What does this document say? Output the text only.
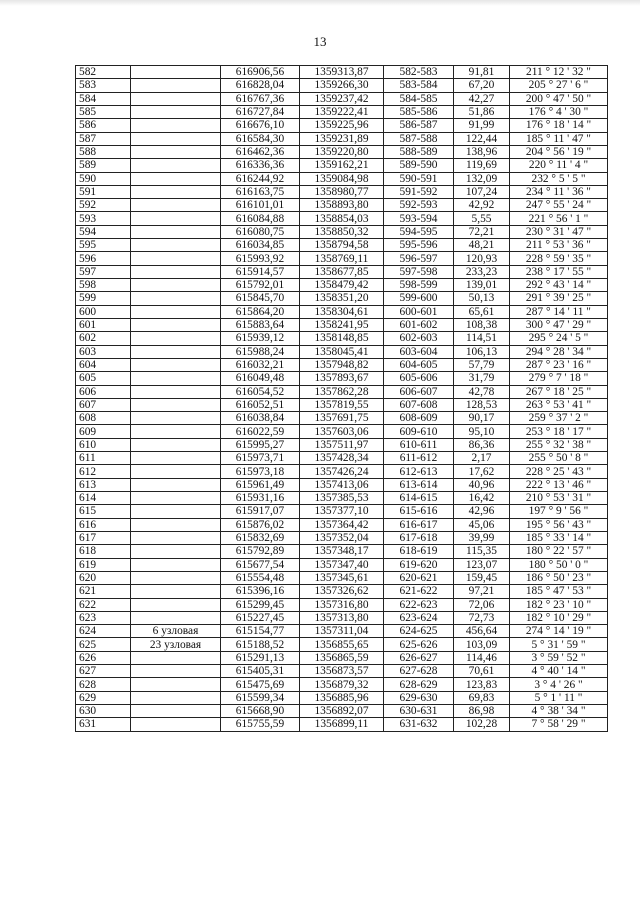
13
582		616906,56	1359313,87	582-583	91,81	211 ° 12 ' 32 "
583		616828,04	1359266,30	583-584	67,20	205 ° 27 ' 6 "
584		616767,36	1359237,42	584-585	42,27	200 ° 47 ' 50 "
585		616727,84	1359222,41	585-586	51,86	176 ° 4 ' 30 "
586		616676,10	1359225,96	586-587	91,99	176 ° 18 ' 14 "
587		616584,30	1359231,89	587-588	122,44	185 ° 11 ' 47 "
588		616462,36	1359220,80	588-589	138,96	204 ° 56 ' 19 "
589		616336,36	1359162,21	589-590	119,69	220 ° 11 ' 4 "
590		616244,92	1359084,98	590-591	132,09	232 ° 5 ' 5 "
591		616163,75	1358980,77	591-592	107,24	234 ° 11 ' 36 "
592		616101,01	1358893,80	592-593	42,92	247 ° 55 ' 24 "
593		616084,88	1358854,03	593-594	5,55	221 ° 56 ' 1 "
594		616080,75	1358850,32	594-595	72,21	230 ° 31 ' 47 "
595		616034,85	1358794,58	595-596	48,21	211 ° 53 ' 36 "
596		615993,92	1358769,11	596-597	120,93	228 ° 59 ' 35 "
597		615914,57	1358677,85	597-598	233,23	238 ° 17 ' 55 "
598		615792,01	1358479,42	598-599	139,01	292 ° 43 ' 14 "
599		615845,70	1358351,20	599-600	50,13	291 ° 39 ' 25 "
600		615864,20	1358304,61	600-601	65,61	287 ° 14 ' 11 "
601		615883,64	1358241,95	601-602	108,38	300 ° 47 ' 29 "
602		615939,12	1358148,85	602-603	114,51	295 ° 24 ' 5 "
603		615988,24	1358045,41	603-604	106,13	294 ° 28 ' 34 "
604		616032,21	1357948,82	604-605	57,79	287 ° 23 ' 16 "
605		616049,48	1357893,67	605-606	31,79	279 ° 7 ' 18 "
606		616054,52	1357862,28	606-607	42,78	267 ° 18 ' 25 "
607		616052,51	1357819,55	607-608	128,53	263 ° 53 ' 41 "
608		616038,84	1357691,75	608-609	90,17	259 ° 37 ' 2 "
609		616022,59	1357603,06	609-610	95,10	253 ° 18 ' 17 "
610		615995,27	1357511,97	610-611	86,36	255 ° 32 ' 38 "
611		615973,71	1357428,34	611-612	2,17	255 ° 50 ' 8 "
612		615973,18	1357426,24	612-613	17,62	228 ° 25 ' 43 "
613		615961,49	1357413,06	613-614	40,96	222 ° 13 ' 46 "
614		615931,16	1357385,53	614-615	16,42	210 ° 53 ' 31 "
615		615917,07	1357377,10	615-616	42,96	197 ° 9 ' 56 "
616		615876,02	1357364,42	616-617	45,06	195 ° 56 ' 43 "
617		615832,69	1357352,04	617-618	39,99	185 ° 33 ' 14 "
618		615792,89	1357348,17	618-619	115,35	180 ° 22 ' 57 "
619		615677,54	1357347,40	619-620	123,07	180 ° 50 ' 0 "
620		615554,48	1357345,61	620-621	159,45	186 ° 50 ' 23 "
621		615396,16	1357326,62	621-622	97,21	185 ° 47 ' 53 "
622		615299,45	1357316,80	622-623	72,06	182 ° 23 ' 10 "
623		615227,45	1357313,80	623-624	72,73	182 ° 10 ' 29 "
624	6 узловая	615154,77	1357311,04	624-625	456,64	274 ° 14 ' 19 "
625	23 узловая	615188,52	1356855,65	625-626	103,09	5 ° 31 ' 59 "
626		615291,13	1356865,59	626-627	114,46	3 ° 59 ' 52 "
627		615405,31	1356873,57	627-628	70,61	4 ° 40 ' 14 "
628		615475,69	1356879,32	628-629	123,83	3 ° 4 ' 26 "
629		615599,34	1356885,96	629-630	69,83	5 ° 1 ' 11 "
630		615668,90	1356892,07	630-631	86,98	4 ° 38 ' 34 "
631		615755,59	1356899,11	631-632	102,28	7 ° 58 ' 29 "
